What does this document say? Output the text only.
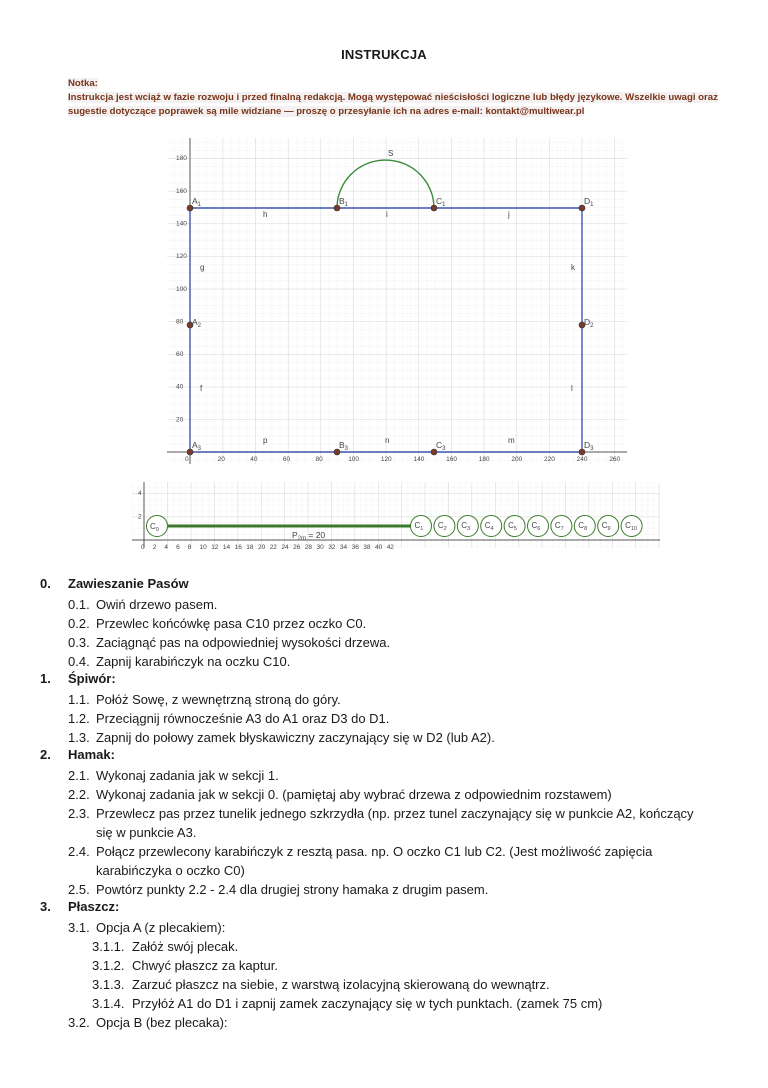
INSTRUKCJA
Notka:
Instrukcja jest wciąż w fazie rozwoju i przed finalną redakcją. Mogą występować nieścisłości logiczne lub błędy językowe. Wszelkie uwagi oraz sugestie dotyczące poprawek są mile widziane — proszę o przesyłanie ich na adres e-mail: kontakt@multiwear.pl
0	20	40	60	80	100	120	140	160	180	200	220	240	260
20
40
60
80
100
120
140
160
180
S
h	i	j
g
f
k
l
p	n	m
$A_1$
$A_2$
$A_3$
$B_1$
$B_3$
$C_1$
$C_3$
$D_1$
$D_2$
$D_3$
0 2 4 6 8 10 12 14 16 18 20 22 24 26 28 30 32 34 36 38 40 42
2
4
$P_{2m} = 20$
$C_0$	$C_1$ $C_2$ $C_3$ $C_4$ $C_5$ $C_6$ $C_7$ $C_8$ $C_9$ $C_{10}$
0. Zawieszanie Pasów
0.1. Owiń drzewo pasem.
0.2. Przewlec końcówkę pasa C10 przez oczko C0.
0.3. Zaciągnąć pas na odpowiedniej wysokości drzewa.
0.4. Zapnij karabińczyk na oczku C10.
1. Śpiwór:
1.1. Połóż Sowę, z wewnętrzną stroną do góry.
1.2. Przeciągnij równocześnie A3 do A1 oraz D3 do D1.
1.3. Zapnij do połowy zamek błyskawiczny zaczynający się w D2 (lub A2).
2. Hamak:
2.1. Wykonaj zadania jak w sekcji 1.
2.2. Wykonaj zadania jak w sekcji 0. (pamiętaj aby wybrać drzewa z odpowiednim rozstawem)
2.3. Przewlecz pas przez tunelik jednego szkrzydła (np. przez tunel zaczynający się w punkcie A2, kończący
się w punkcie A3.
2.4. Połącz przewlecony karabińczyk z resztą pasa. np. O oczko C1 lub C2. (Jest możliwość zapięcia
karabińczyka o oczko C0)
2.5. Powtórz punkty 2.2 - 2.4 dla drugiej strony hamaka z drugim pasem.
3. Płaszcz:
3.1. Opcja A (z plecakiem):
3.1.1. Załóż swój plecak.
3.1.2. Chwyć płaszcz za kaptur.
3.1.3. Zarzuć płaszcz na siebie, z warstwą izolacyjną skierowaną do wewnątrz.
3.1.4. Przyłóż A1 do D1 i zapnij zamek zaczynający się w tych punktach. (zamek 75 cm)
3.2. Opcja B (bez plecaka):
